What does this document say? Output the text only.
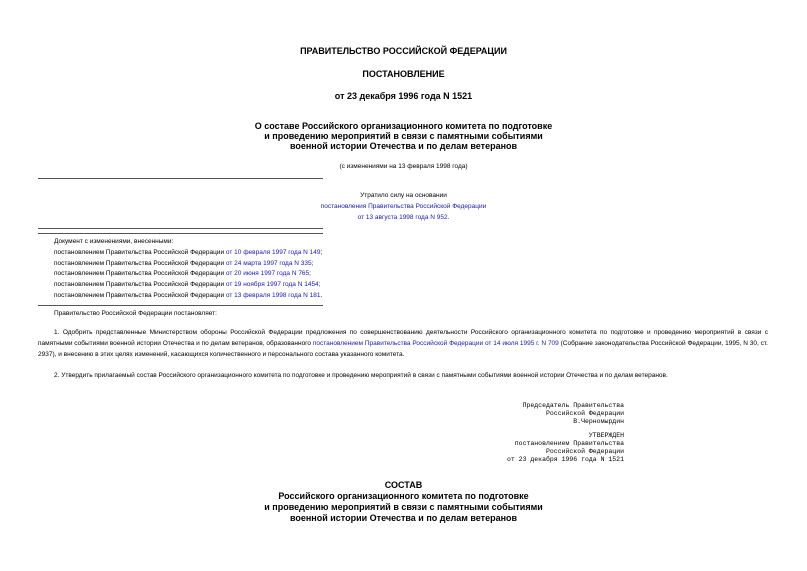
ПРАВИТЕЛЬСТВО РОССИЙСКОЙ ФЕДЕРАЦИИ
ПОСТАНОВЛЕНИЕ
от 23 декабря 1996 года N 1521
О составе Российского организационного комитета по подготовке
и проведению мероприятий в связи с памятными событиями
военной истории Отечества и по делам ветеранов
(с изменениями на 13 февраля 1998 года)
Утратило силу на основании
постановления Правительства Российской Федерации
от 13 августа 1998 года N 952.
Документ с изменениями, внесенными:
постановлением Правительства Российской Федерации от 10 февраля 1997 года N 149;
постановлением Правительства Российской Федерации от 24 марта 1997 года N 335;
постановлением Правительства Российской Федерации от 20 июня 1997 года N 765;
постановлением Правительства Российской Федерации от 19 ноября 1997 года N 1454;
постановлением Правительства Российской Федерации от 13 февраля 1998 года N 181.
Правительство Российской Федерации постановляет:
1. Одобрить представленные Министерством обороны Российской Федерации предложения по совершенствованию деятельности Российского организационного комитета по подготовке и проведению мероприятий в связи с памятными событиями военной истории Отечества и по делам ветеранов, образованного постановлением Правительства Российской Федерации от 14 июля 1995 г. N 709 (Собрание законодательства Российской Федерации, 1995, N 30, ст. 2937), и внесению в этих целях изменений, касающихся количественного и персонального состава указанного комитета.
2. Утвердить прилагаемый состав Российского организационного комитета по подготовке и проведению мероприятий в связи с памятными событиями военной истории Отечества и по делам ветеранов.
Председатель Правительства
Российской Федерации
В.Черномырдин
УТВЕРЖДЕН
постановлением Правительства
Российской Федерации
от 23 декабря 1996 года N 1521
СОСТАВ
Российского организационного комитета по подготовке
и проведению мероприятий в связи с памятными событиями
военной истории Отечества и по делам ветеранов
